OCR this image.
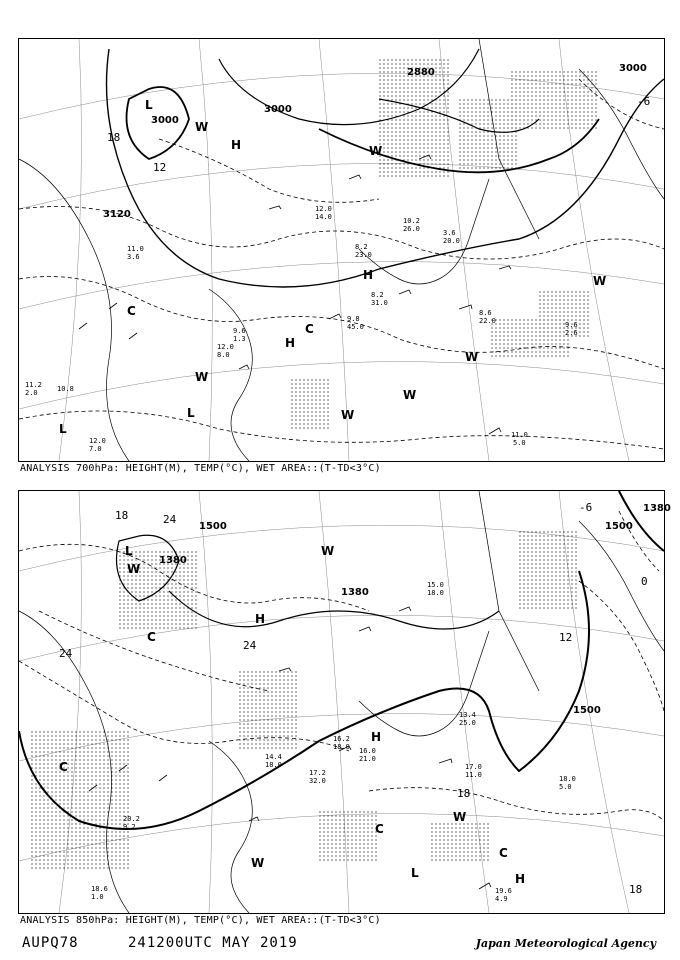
3000
3000
3000
3120
2880
18
12
-6
H
H
H
L
L
L
C
C
W
W
W
W
W
W
W
11.0
5.0
9.6
2.6
8.6
22.0
9.8
45.0
8.2
31.0
12.0
7.0
11.2
2.0	10.8
12.0
8.0
9.6
1.3
3.6
20.0
8.2
23.0
10.2
26.0
11.0
3.6
12.0
14.0
ANALYSIS 700hPa: HEIGHT(M), TEMP(°C), WET AREA::(T-TD<3°C)
1500
1500
1380
1380
1500
1380
18	24
24
24
12
0
-6
18
18
H
H
H
L
L
C
C
C
C
W
W
W
W
19.6
4.9
18.0
5.0
17.0
11.0
13.4
25.0
16.0
21.0
17.2
32.0
16.2
18.0
18.6
1.0
20.2
9.2
14.4
18.0
15.0
18.0
ANALYSIS 850hPa: HEIGHT(M), TEMP(°C), WET AREA::(T-TD<3°C)
AUPQ78	241200UTC MAY 2019	Japan Meteorological Agency
